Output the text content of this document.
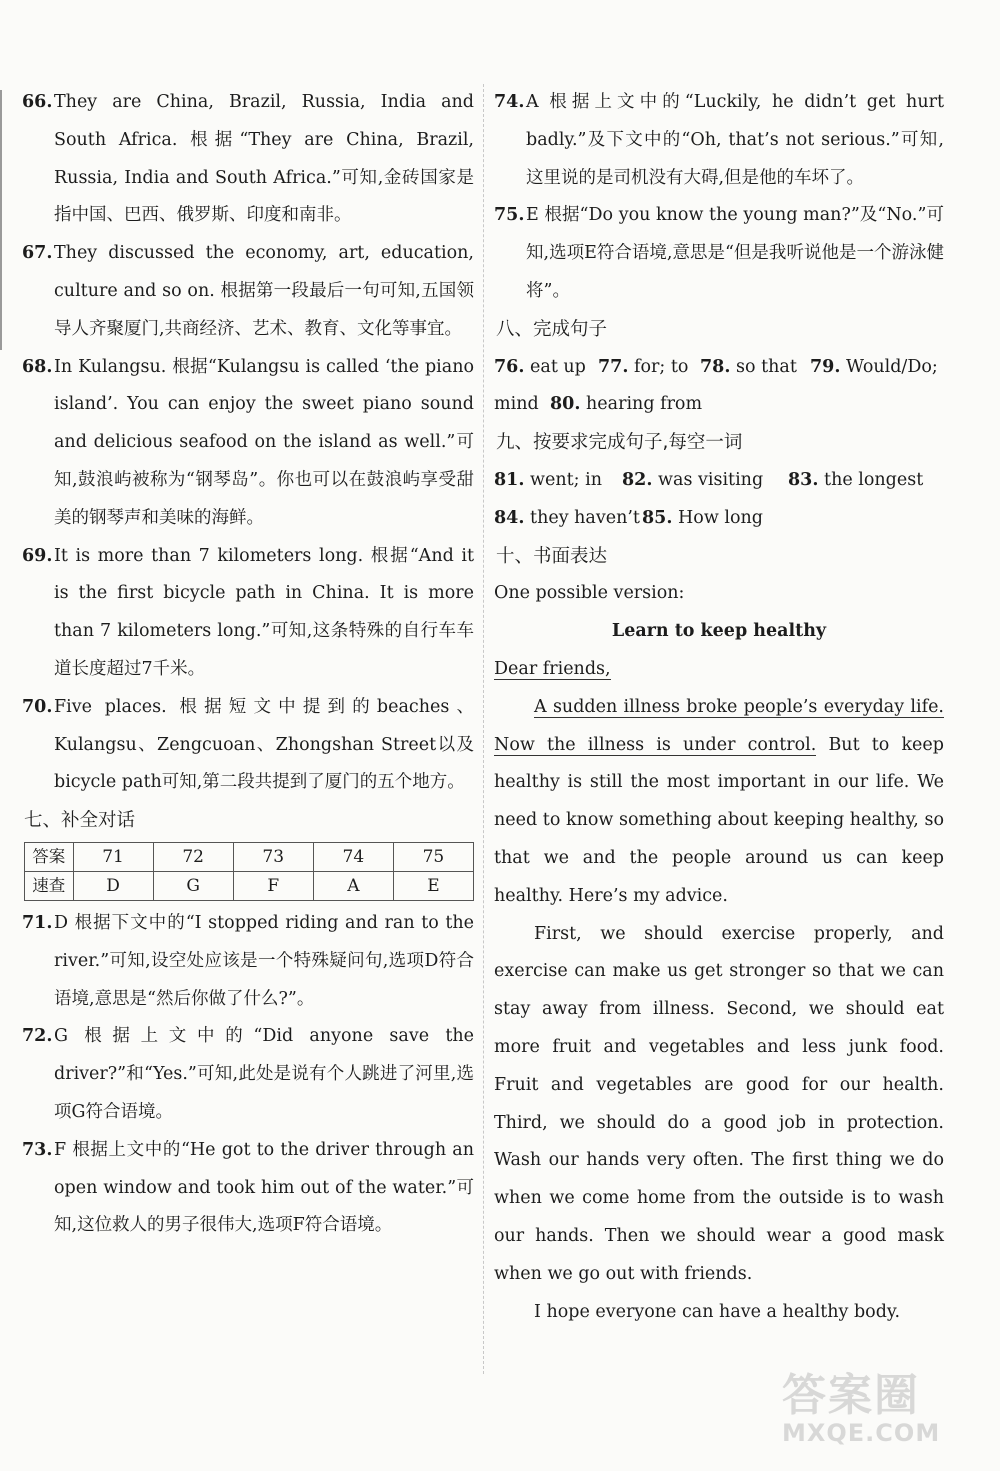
66. They are China, Brazil, Russia, India and South Africa. 根据“They are China, Brazil, Russia, India and South Africa.”可知,金砖国家是指中国、巴西、俄罗斯、印度和南非。
67. They discussed the economy, art, education, culture and so on. 根据第一段最后一句可知,五国领导人齐聚厦门,共商经济、艺术、教育、文化等事宜。
68. In Kulangsu. 根据“Kulangsu is called ‘the piano island’. You can enjoy the sweet piano sound and delicious seafood on the island as well.”可知,鼓浪屿被称为“钢琴岛”。你也可以在鼓浪屿享受甜美的钢琴声和美味的海鲜。
69. It is more than 7 kilometers long. 根据“And it is the first bicycle path in China. It is more than 7 kilometers long.”可知,这条特殊的自行车车道长度超过7千米。
70. Five places. 根据短文中提到的beaches、Kulangsu、Zengcuoan、Zhongshan Street以及bicycle path可知,第二段共提到了厦门的五个地方。
七、补全对话
答案	71	72	73	74	75
速查	D	G	F	A	E
71. D 根据下文中的“I stopped riding and ran to the river.”可知,设空处应该是一个特殊疑问句,选项D符合语境,意思是“然后你做了什么?”。
72. G 根据上文中的“Did anyone save the driver?”和“Yes.”可知,此处是说有个人跳进了河里,选项G符合语境。
73. F 根据上文中的“He got to the driver through an open window and took him out of the water.”可知,这位救人的男子很伟大,选项F符合语境。
74. A 根据上文中的“Luckily, he didn’t get hurt badly.”及下文中的“Oh, that’s not serious.”可知,这里说的是司机没有大碍,但是他的车坏了。
75. E 根据“Do you know the young man?”及“No.”可知,选项E符合语境,意思是“但是我听说他是一个游泳健将”。
八、完成句子
76. eat up 77. for; to 78. so that 79. Would/Do;
mind 80. hearing from
九、按要求完成句子,每空一词
81. went; in 82. was visiting 83. the longest
84. they haven’t 85. How long
十、书面表达
One possible version:
Learn to keep healthy
Dear friends,
A sudden illness broke people’s everyday life. Now the illness is under control. But to keep healthy is still the most important in our life. We need to know something about keeping healthy, so that we and the people around us can keep healthy. Here’s my advice.
First, we should exercise properly, and exercise can make us get stronger so that we can stay away from illness. Second, we should eat more fruit and vegetables and less junk food. Fruit and vegetables are good for our health. Third, we should do a good job in protection. Wash our hands very often. The first thing we do when we come home from the outside is to wash our hands. Then we should wear a good mask when we go out with friends.
I hope everyone can have a healthy body.
答案圈
MXQE.COM
